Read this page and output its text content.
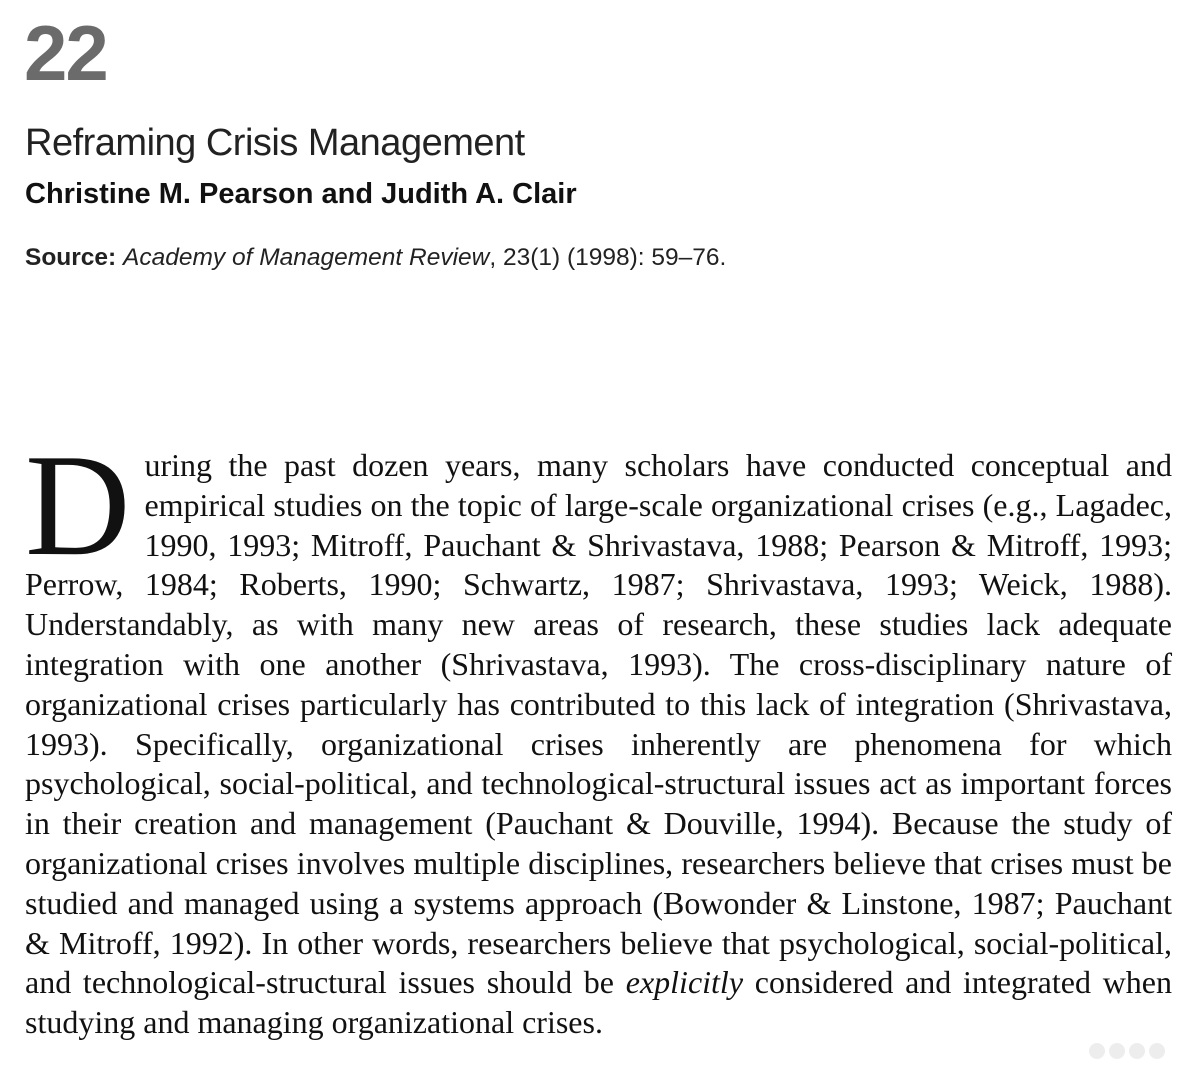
22
Reframing Crisis Management
Christine M. Pearson and Judith A. Clair
Source: Academy of Management Review, 23(1) (1998): 59–76.

During the past dozen years, many scholars have conducted conceptual and empirical studies on the topic of large-scale organizational crises (e.g., Lagadec, 1990, 1993; Mitroff, Pauchant & Shrivastava, 1988; Pearson & Mitroff, 1993; Perrow, 1984; Roberts, 1990; Schwartz, 1987; Shrivastava, 1993; Weick, 1988). Understandably, as with many new areas of research, these studies lack adequate integration with one another (Shrivastava, 1993). The cross-disciplinary nature of organizational crises particularly has contributed to this lack of integration (Shrivastava, 1993). Specifically, organizational crises inherently are phenomena for which psychological, social-political, and technological-structural issues act as important forces in their creation and management (Pauchant & Douville, 1994). Because the study of organizational crises involves multiple disciplines, researchers believe that crises must be studied and managed using a systems approach (Bowonder & Linstone, 1987; Pauchant & Mitroff, 1992). In other words, researchers believe that psychological, social-political, and technological-structural issues should be explicitly considered and integrated when studying and managing organizational crises.
